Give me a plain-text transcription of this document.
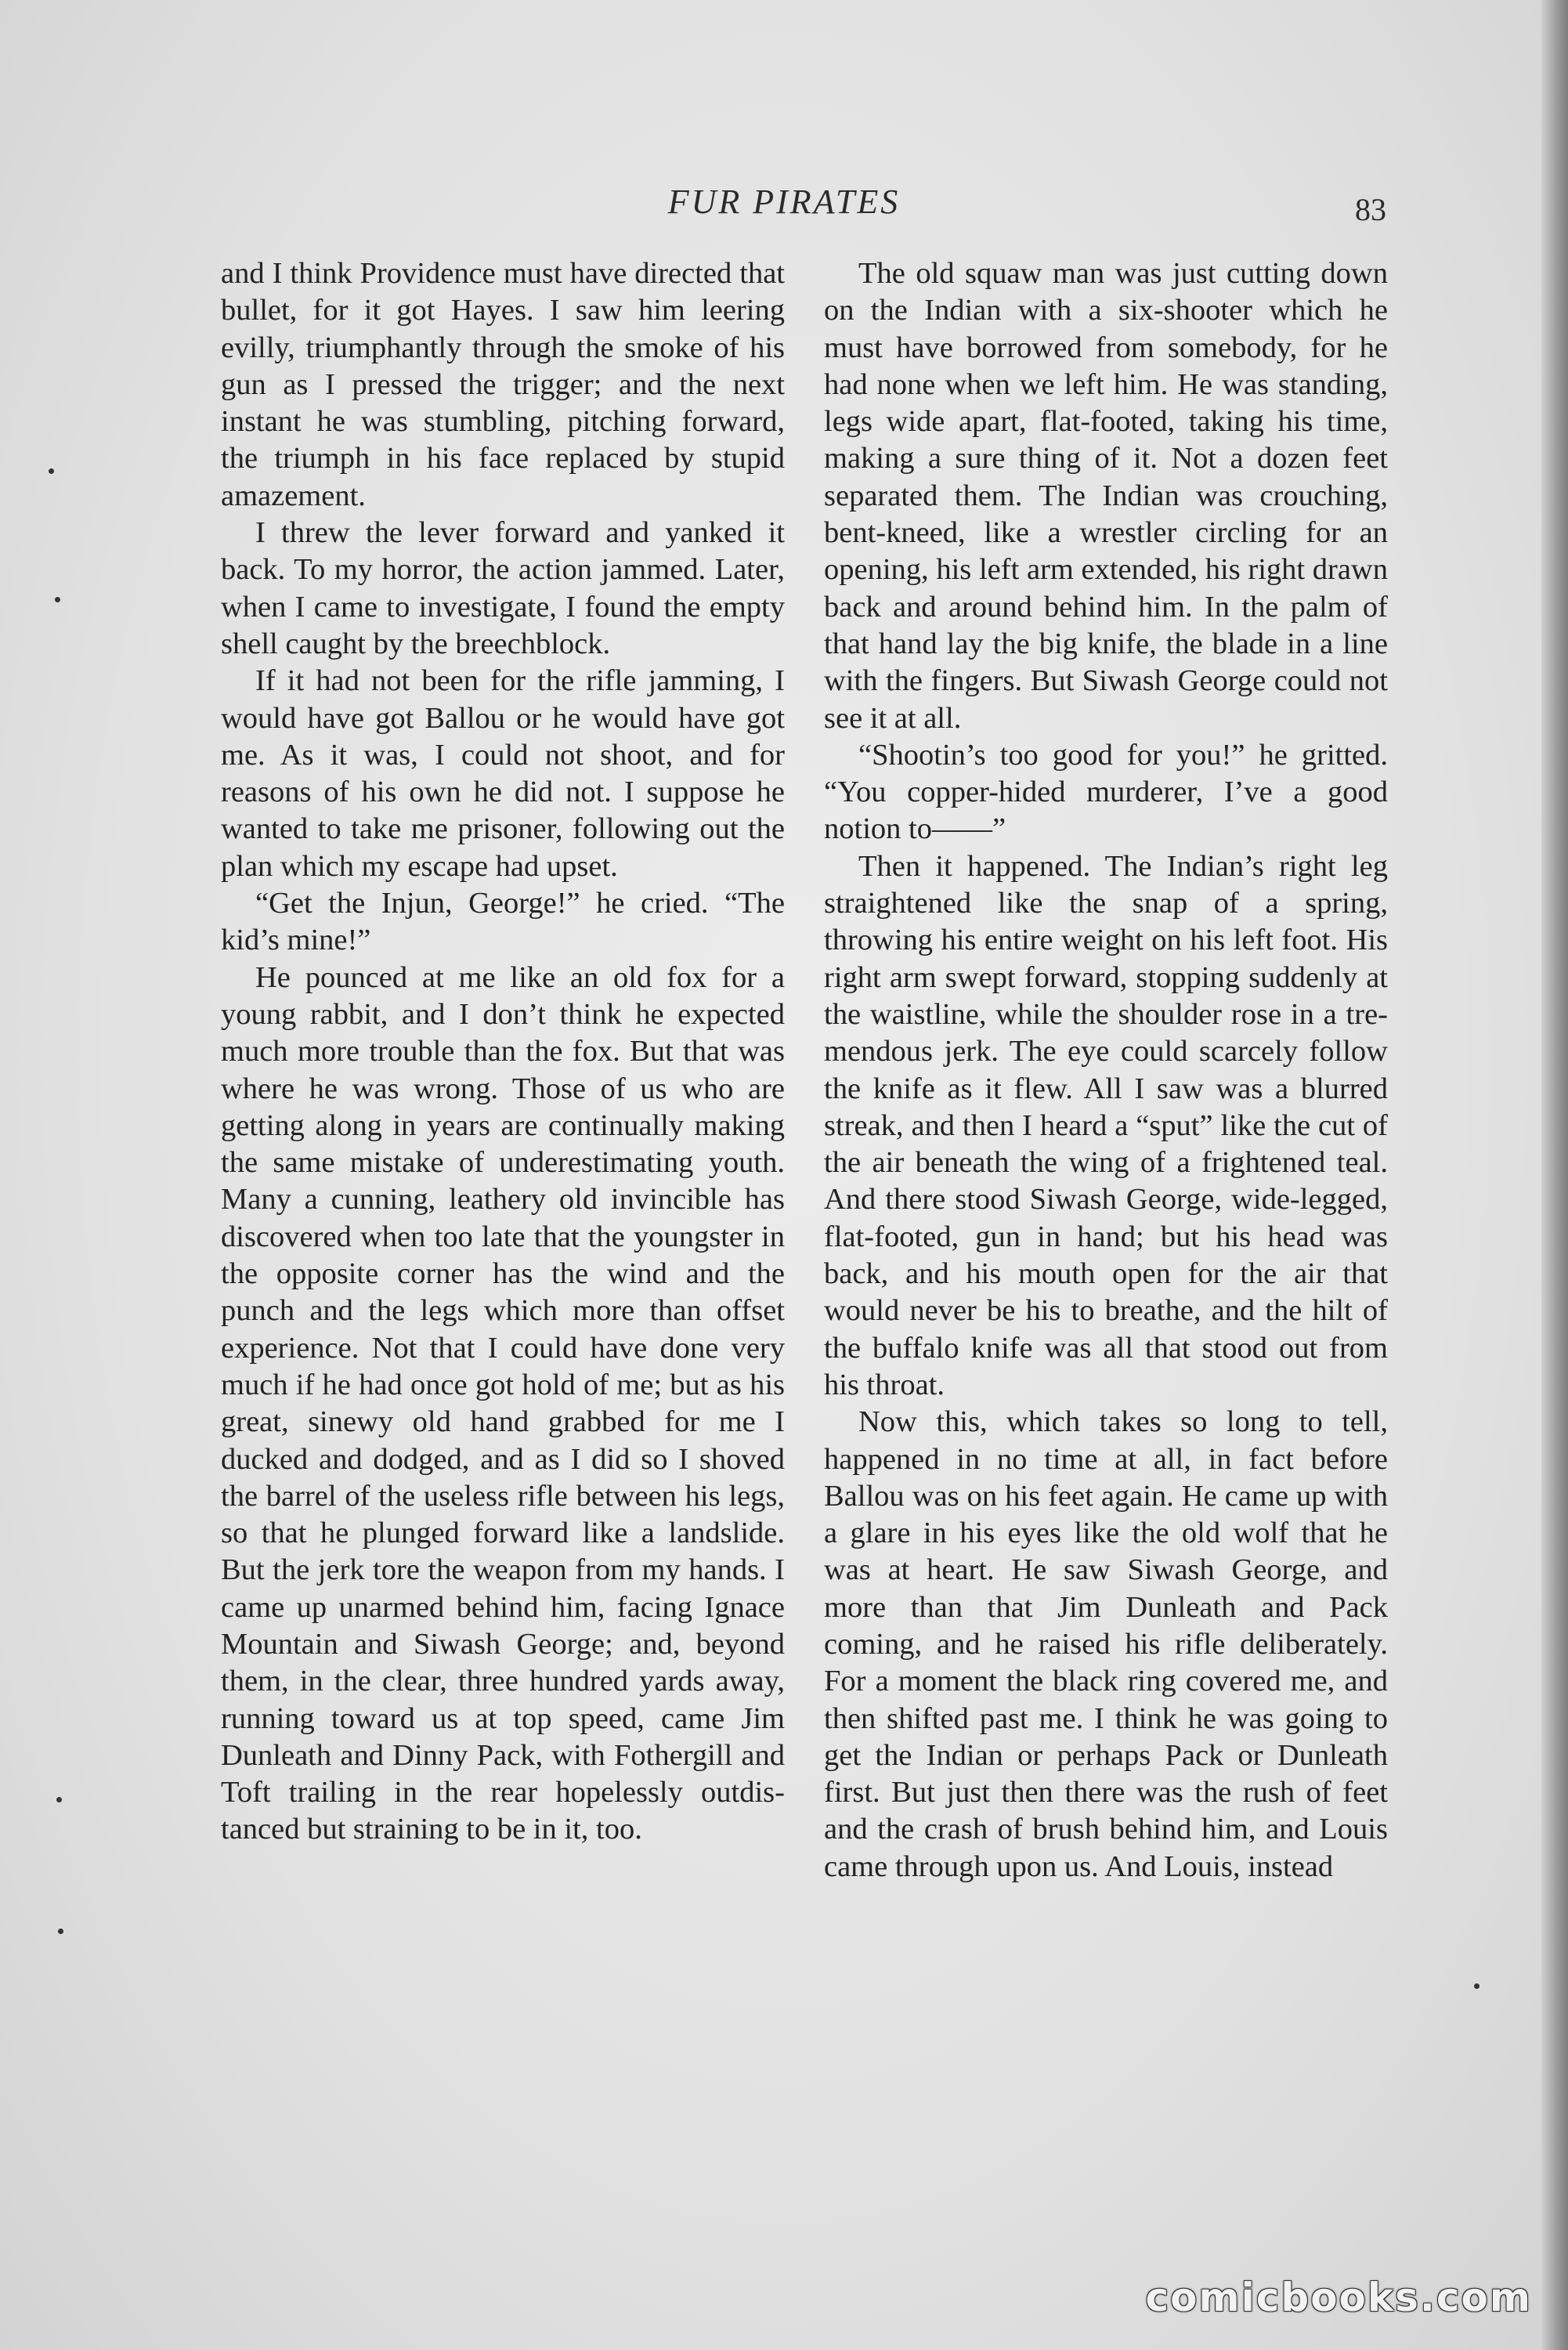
FUR PIRATES	83

and I think Providence must have directed that bullet, for it got Hayes. I saw him leering evilly, triumphantly through the smoke of his gun as I pressed the trigger; and the next instant he was stumbling, pitching forward, the triumph in his face replaced by stupid amazement.

I threw the lever forward and yanked it back. To my horror, the action jammed. Later, when I came to investigate, I found the empty shell caught by the breechblock.

If it had not been for the rifle jamming, I would have got Ballou or he would have got me. As it was, I could not shoot, and for reasons of his own he did not. I suppose he wanted to take me prisoner, following out the plan which my escape had upset.

“Get the Injun, George!” he cried. “The kid’s mine!”

He pounced at me like an old fox for a young rabbit, and I don’t think he expected much more trouble than the fox. But that was where he was wrong. Those of us who are getting along in years are continually making the same mistake of underestimating youth. Many a cunning, leathery old invincible has discovered when too late that the youngster in the opposite corner has the wind and the punch and the legs which more than offset experience. Not that I could have done very much if he had once got hold of me; but as his great, sinewy old hand grabbed for me I ducked and dodged, and as I did so I shoved the barrel of the useless rifle between his legs, so that he plunged forward like a landslide. But the jerk tore the weapon from my hands. I came up unarmed behind him, facing Ignace Mountain and Siwash George; and, beyond them, in the clear, three hundred yards away, running toward us at top speed, came Jim Dunleath and Dinny Pack, with Fothergill and Toft trailing in the rear hopelessly outdistanced but straining to be in it, too.

The old squaw man was just cutting down on the Indian with a six-shooter which he must have borrowed from somebody, for he had none when we left him. He was standing, legs wide apart, flat-footed, taking his time, making a sure thing of it. Not a dozen feet separated them. The Indian was crouching, bent-kneed, like a wrestler circling for an opening, his left arm extended, his right drawn back and around behind him. In the palm of that hand lay the big knife, the blade in a line with the fingers. But Siwash George could not see it at all.

“Shootin’s too good for you!” he gritted. “You copper-hided murderer, I’ve a good notion to——”

Then it happened. The Indian’s right leg straightened like the snap of a spring, throwing his entire weight on his left foot. His right arm swept forward, stopping suddenly at the waistline, while the shoulder rose in a tremendous jerk. The eye could scarcely follow the knife as it flew. All I saw was a blurred streak, and then I heard a “sput” like the cut of the air beneath the wing of a frightened teal. And there stood Siwash George, wide-legged, flat-footed, gun in hand; but his head was back, and his mouth open for the air that would never be his to breathe, and the hilt of the buffalo knife was all that stood out from his throat.

Now this, which takes so long to tell, happened in no time at all, in fact before Ballou was on his feet again. He came up with a glare in his eyes like the old wolf that he was at heart. He saw Siwash George, and more than that Jim Dunleath and Pack coming, and he raised his rifle deliberately. For a moment the black ring covered me, and then shifted past me. I think he was going to get the Indian or perhaps Pack or Dunleath first. But just then there was the rush of feet and the crash of brush behind him, and Louis came through upon us. And Louis, instead

comicbooks.com
